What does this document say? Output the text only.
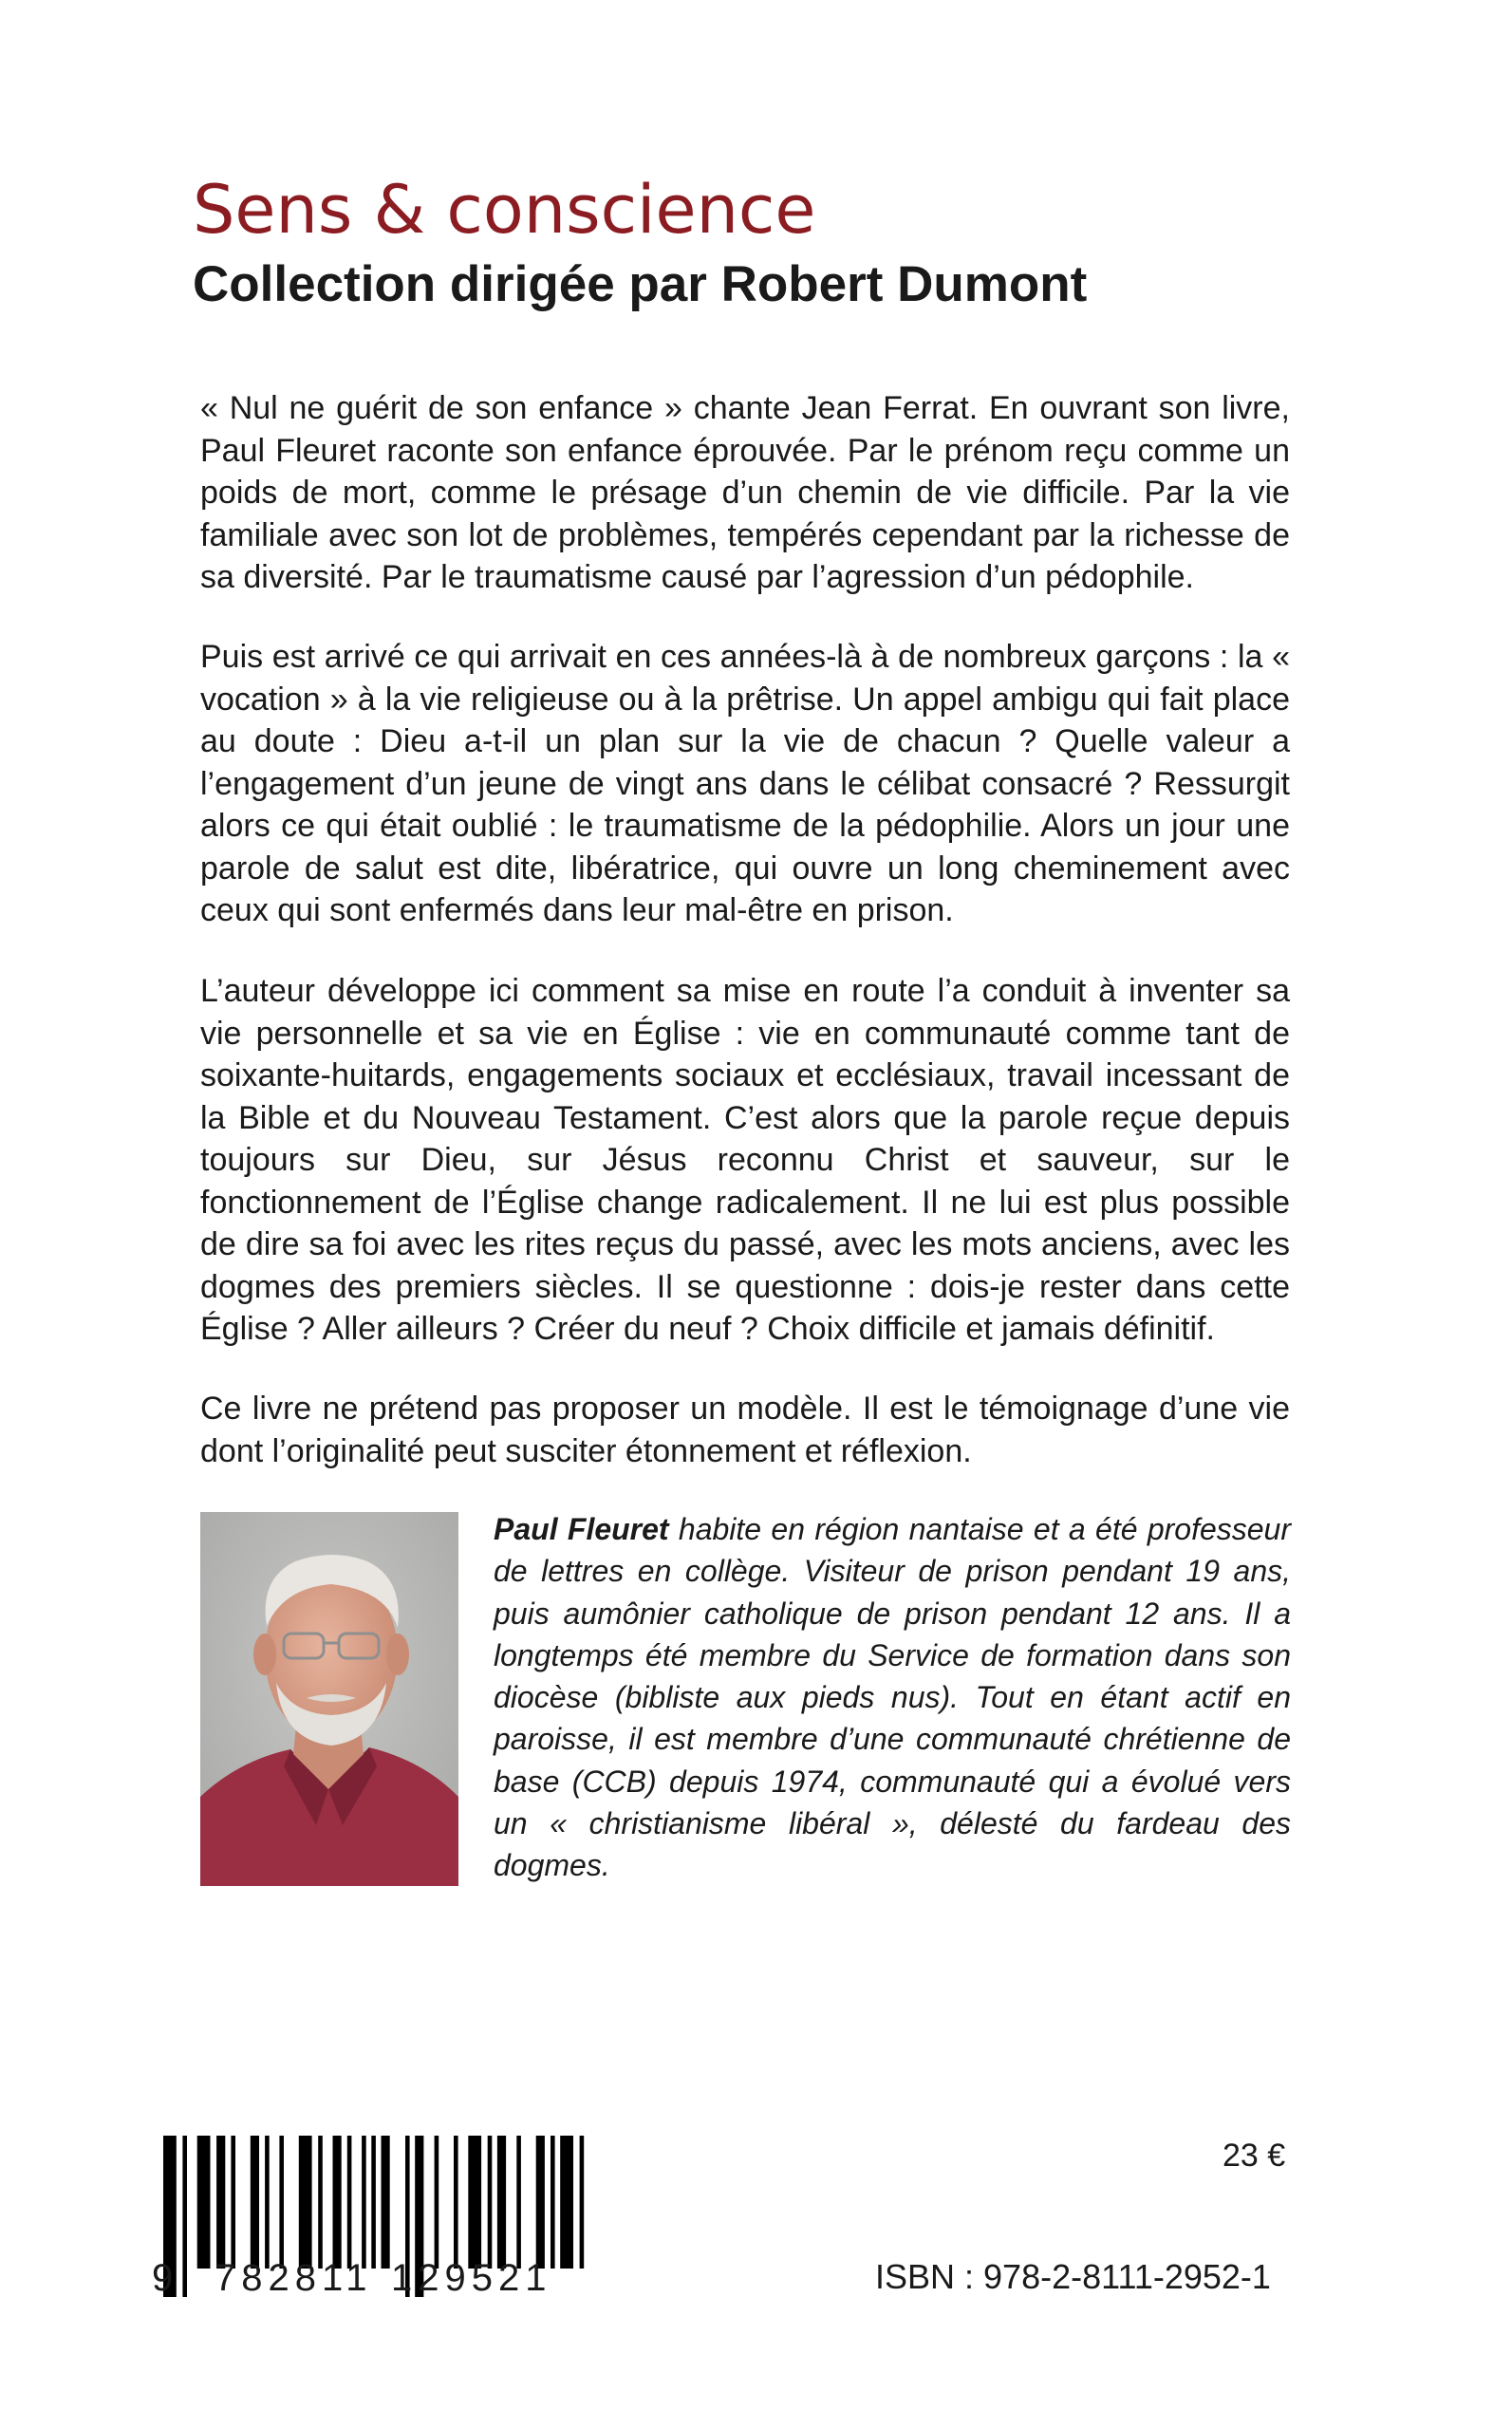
Sens & conscience
Collection dirigée par Robert Dumont

« Nul ne guérit de son enfance » chante Jean Ferrat. En ouvrant son livre, Paul Fleuret raconte son enfance éprouvée. Par le prénom reçu comme un poids de mort, comme le présage d’un chemin de vie difficile. Par la vie familiale avec son lot de problèmes, tempérés cependant par la richesse de sa diversité. Par le traumatisme causé par l’agression d’un pédophile.

Puis est arrivé ce qui arrivait en ces années-là à de nombreux garçons : la « vocation » à la vie religieuse ou à la prêtrise. Un appel ambigu qui fait place au doute : Dieu a-t-il un plan sur la vie de chacun ? Quelle valeur a l’engagement d’un jeune de vingt ans dans le célibat consacré ? Ressurgit alors ce qui était oublié : le traumatisme de la pédophilie. Alors un jour une parole de salut est dite, libératrice, qui ouvre un long cheminement avec ceux qui sont enfermés dans leur mal-être en prison.

L’auteur développe ici comment sa mise en route l’a conduit à inventer sa vie personnelle et sa vie en Église : vie en communauté comme tant de soixante-huitards, engagements sociaux et ecclésiaux, travail incessant de la Bible et du Nouveau Testament. C’est alors que la parole reçue depuis toujours sur Dieu, sur Jésus reconnu Christ et sauveur, sur le fonctionnement de l’Église change radicalement. Il ne lui est plus possible de dire sa foi avec les rites reçus du passé, avec les mots anciens, avec les dogmes des premiers siècles. Il se questionne : dois-je rester dans cette Église ? Aller ailleurs ? Créer du neuf ? Choix difficile et jamais définitif.

Ce livre ne prétend pas proposer un modèle. Il est le témoignage d’une vie dont l’originalité peut susciter étonnement et réflexion.

Paul Fleuret habite en région nantaise et a été professeur de lettres en collège. Visiteur de prison pendant 19 ans, puis aumônier catholique de prison pendant 12 ans. Il a longtemps été membre du Service de formation dans son diocèse (bibliste aux pieds nus). Tout en étant actif en paroisse, il est membre d’une communauté chrétienne de base (CCB) depuis 1974, communauté qui a évolué vers un « christianisme libéral », délesté du fardeau des dogmes.

23 €
9 782811 129521	ISBN : 978-2-8111-2952-1
